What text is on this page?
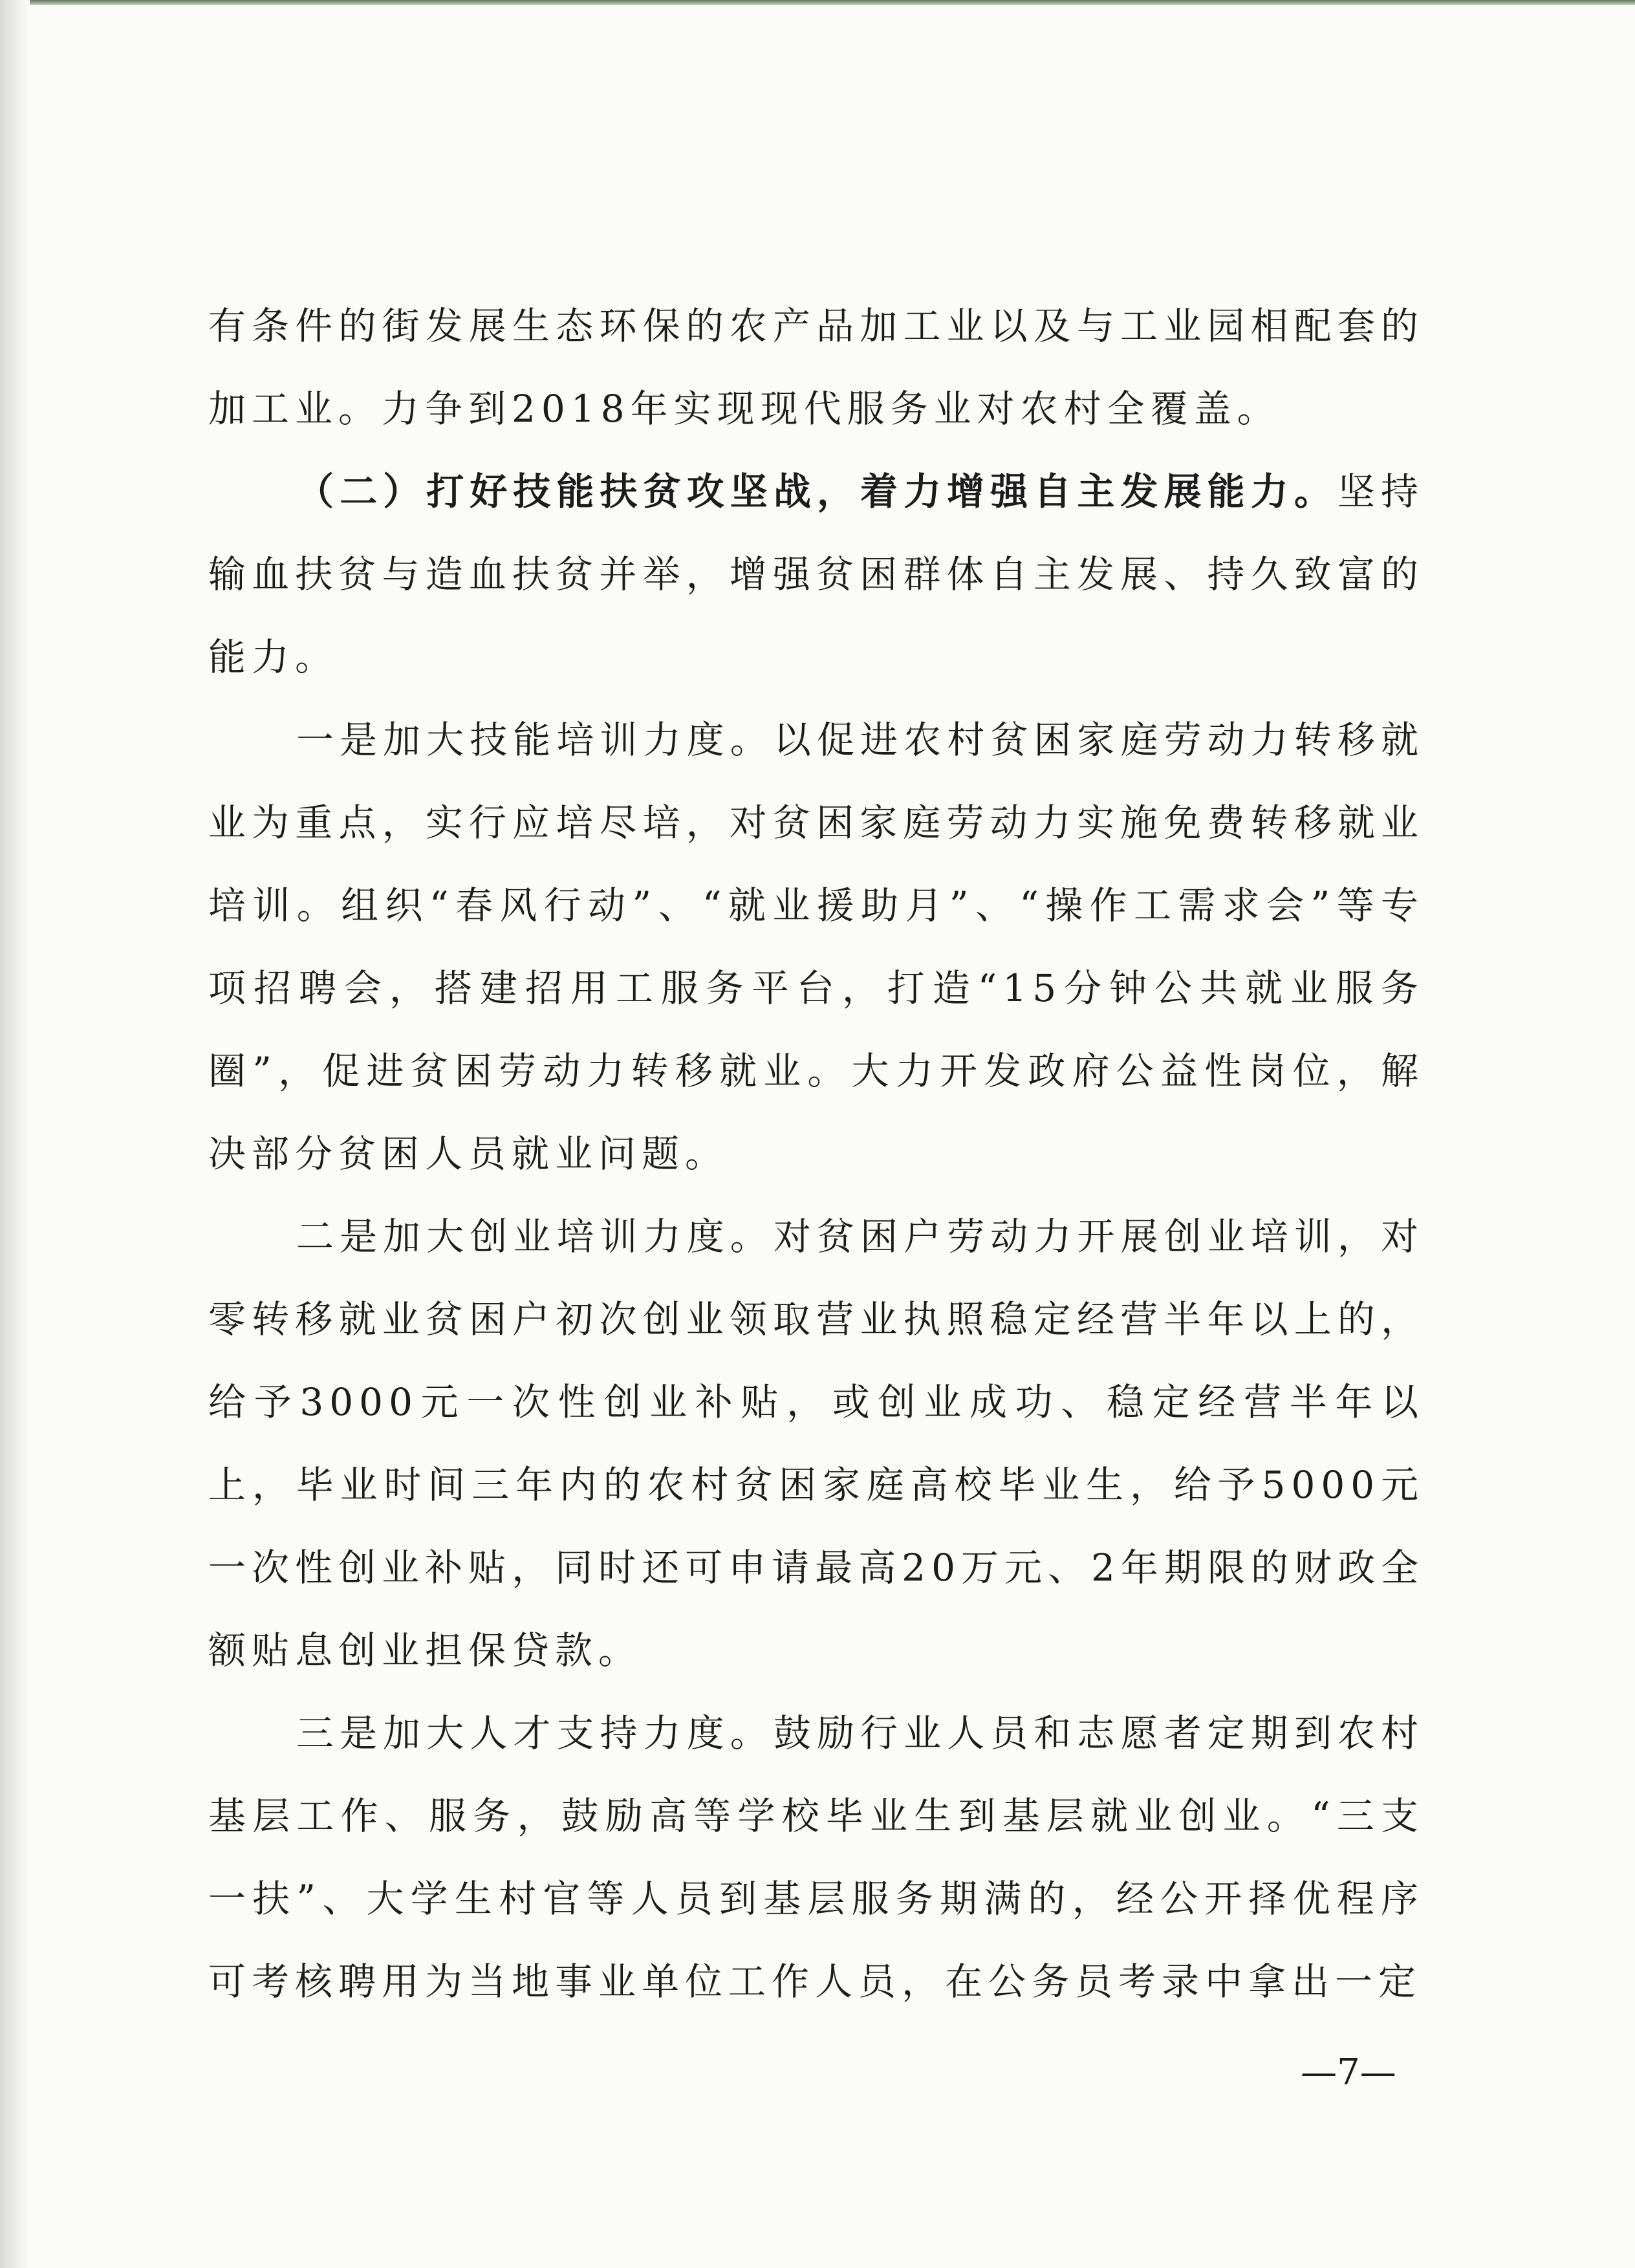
有条件的街发展生态环保的农产品加工业以及与工业园相配套的加工业。力争到2018年实现现代服务业对农村全覆盖。

（二）打好技能扶贫攻坚战，着力增强自主发展能力。坚持输血扶贫与造血扶贫并举，增强贫困群体自主发展、持久致富的能力。

一是加大技能培训力度。以促进农村贫困家庭劳动力转移就业为重点，实行应培尽培，对贫困家庭劳动力实施免费转移就业培训。组织“春风行动”、“就业援助月”、“操作工需求会”等专项招聘会，搭建招用工服务平台，打造“15分钟公共就业服务圈”，促进贫困劳动力转移就业。大力开发政府公益性岗位，解决部分贫困人员就业问题。

二是加大创业培训力度。对贫困户劳动力开展创业培训，对零转移就业贫困户初次创业领取营业执照稳定经营半年以上的，给予3000元一次性创业补贴，或创业成功、稳定经营半年以上，毕业时间三年内的农村贫困家庭高校毕业生，给予5000元一次性创业补贴，同时还可申请最高20万元、2年期限的财政全额贴息创业担保贷款。

三是加大人才支持力度。鼓励行业人员和志愿者定期到农村基层工作、服务，鼓励高等学校毕业生到基层就业创业。“三支一扶”、大学生村官等人员到基层服务期满的，经公开择优程序可考核聘用为当地事业单位工作人员，在公务员考录中拿出一定

—7—
